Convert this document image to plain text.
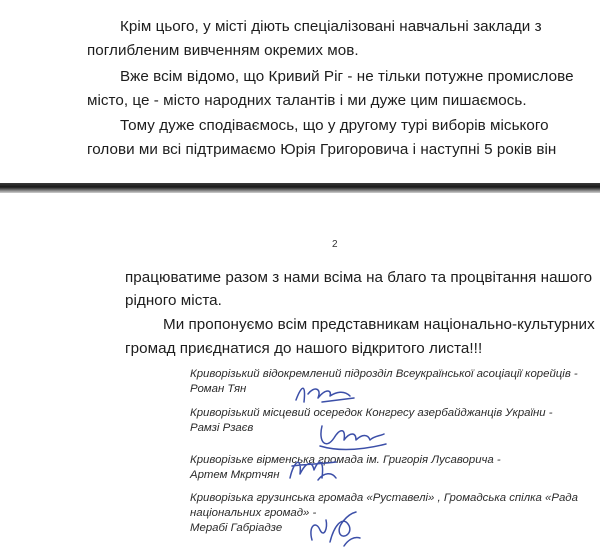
Крім цього, у місті діють спеціалізовані навчальні заклади з

поглибленим вивченням окремих мов.

Вже всім відомо, що Кривий Ріг - не тільки потужне промислове

місто, це - місто народних талантів і ми дуже цим пишаємось.

Тому дуже сподіваємось, що у другому турі виборів міського

голови ми всі підтримаємо Юрія Григоровича і наступні 5 років він

2

працюватиме разом з нами всіма на благо та процвітання нашого

рідного міста.

Ми пропонуємо всім представникам національно-культурних

громад приєднатися до нашого відкритого листа!!!

Криворізький відокремлений підрозділ Всеукраїнської асоціації корейців -

Роман Тян

Криворізький місцевий осередок Конгресу азербайджанців України -

Рамзі Рзаєв

Криворізьке вірменська громада ім. Григорія Лусаворича -

Артем Мкртчян

Криворізька грузинська громада «Руставелі» , Громадська спілка «Рада

національних громад» -

Мерабі Габріадзе
